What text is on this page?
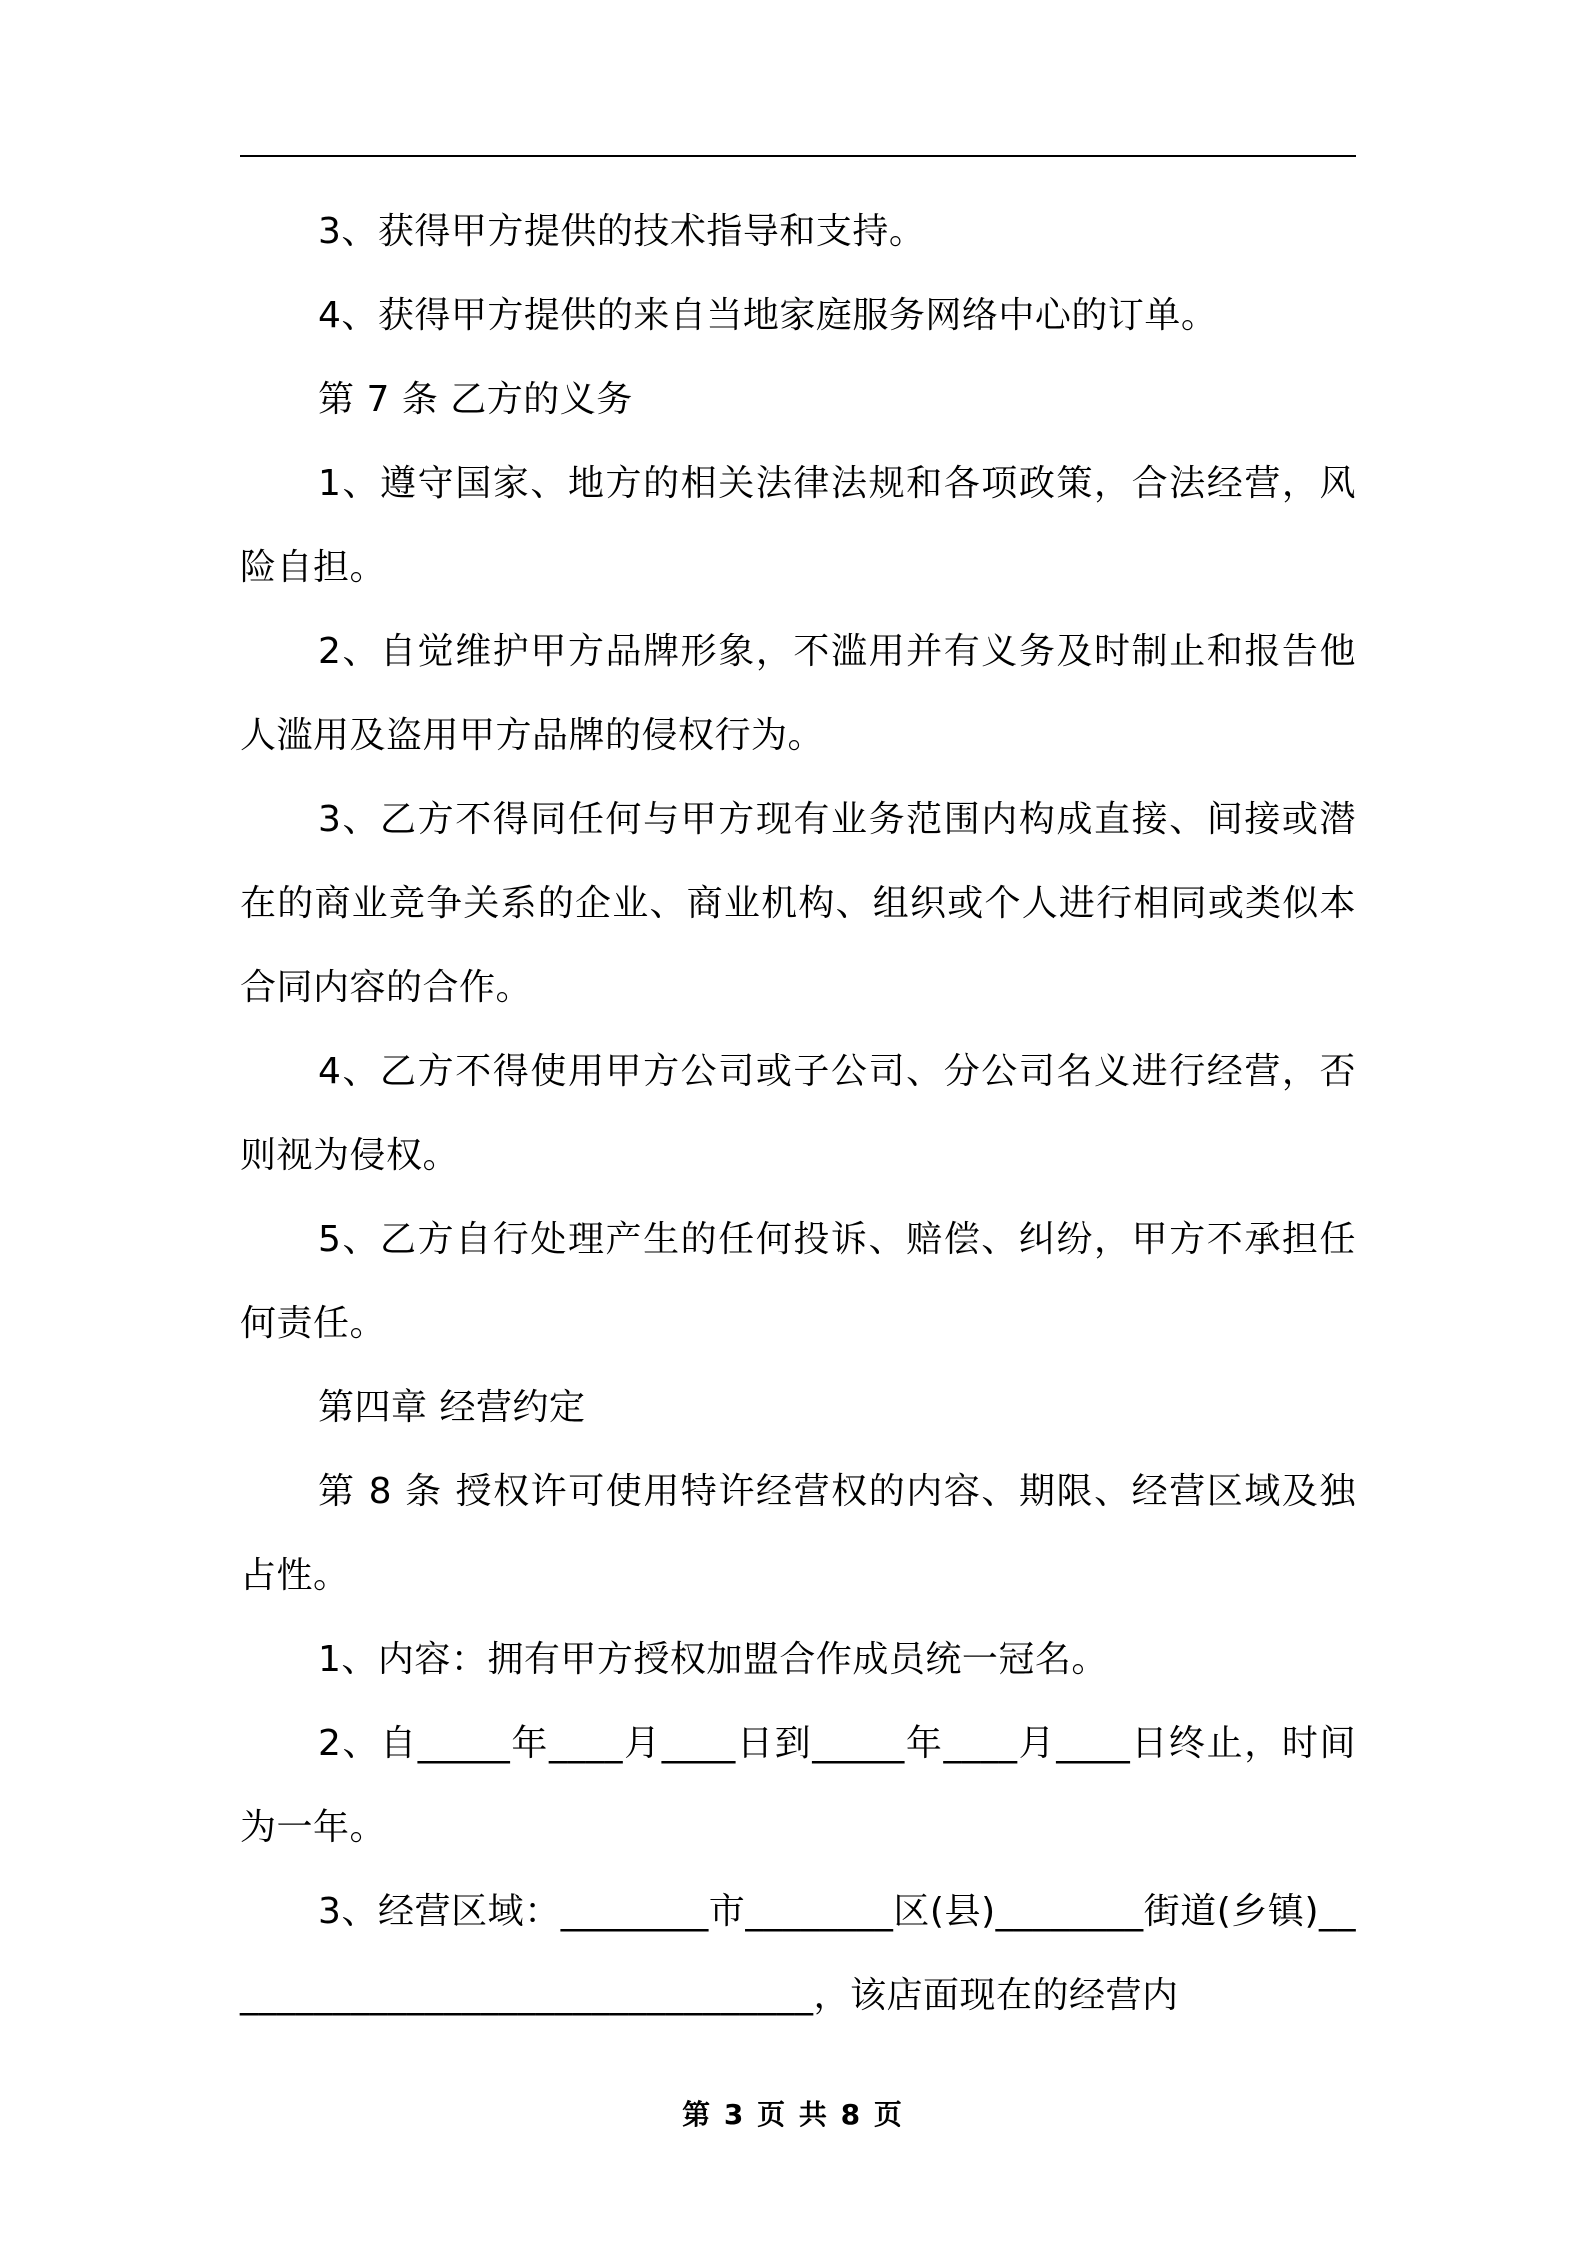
3、获得甲方提供的技术指导和支持。

4、获得甲方提供的来自当地家庭服务网络中心的订单。

第 7 条 乙方的义务

1、遵守国家、地方的相关法律法规和各项政策，合法经营，风险自担。

2、自觉维护甲方品牌形象，不滥用并有义务及时制止和报告他人滥用及盗用甲方品牌的侵权行为。

3、乙方不得同任何与甲方现有业务范围内构成直接、间接或潜在的商业竞争关系的企业、商业机构、组织或个人进行相同或类似本合同内容的合作。

4、乙方不得使用甲方公司或子公司、分公司名义进行经营，否则视为侵权。

5、乙方自行处理产生的任何投诉、赔偿、纠纷，甲方不承担任何责任。

第四章 经营约定

第 8 条 授权许可使用特许经营权的内容、期限、经营区域及独占性。

1、内容：拥有甲方授权加盟合作成员统一冠名。

2、自_____年____月____日到_____年____月____日终止，时间为一年。

3、经营区域：________市________区(县)________街道(乡镇)_________________________________，该店面现在的经营内

第 3 页 共 8 页
